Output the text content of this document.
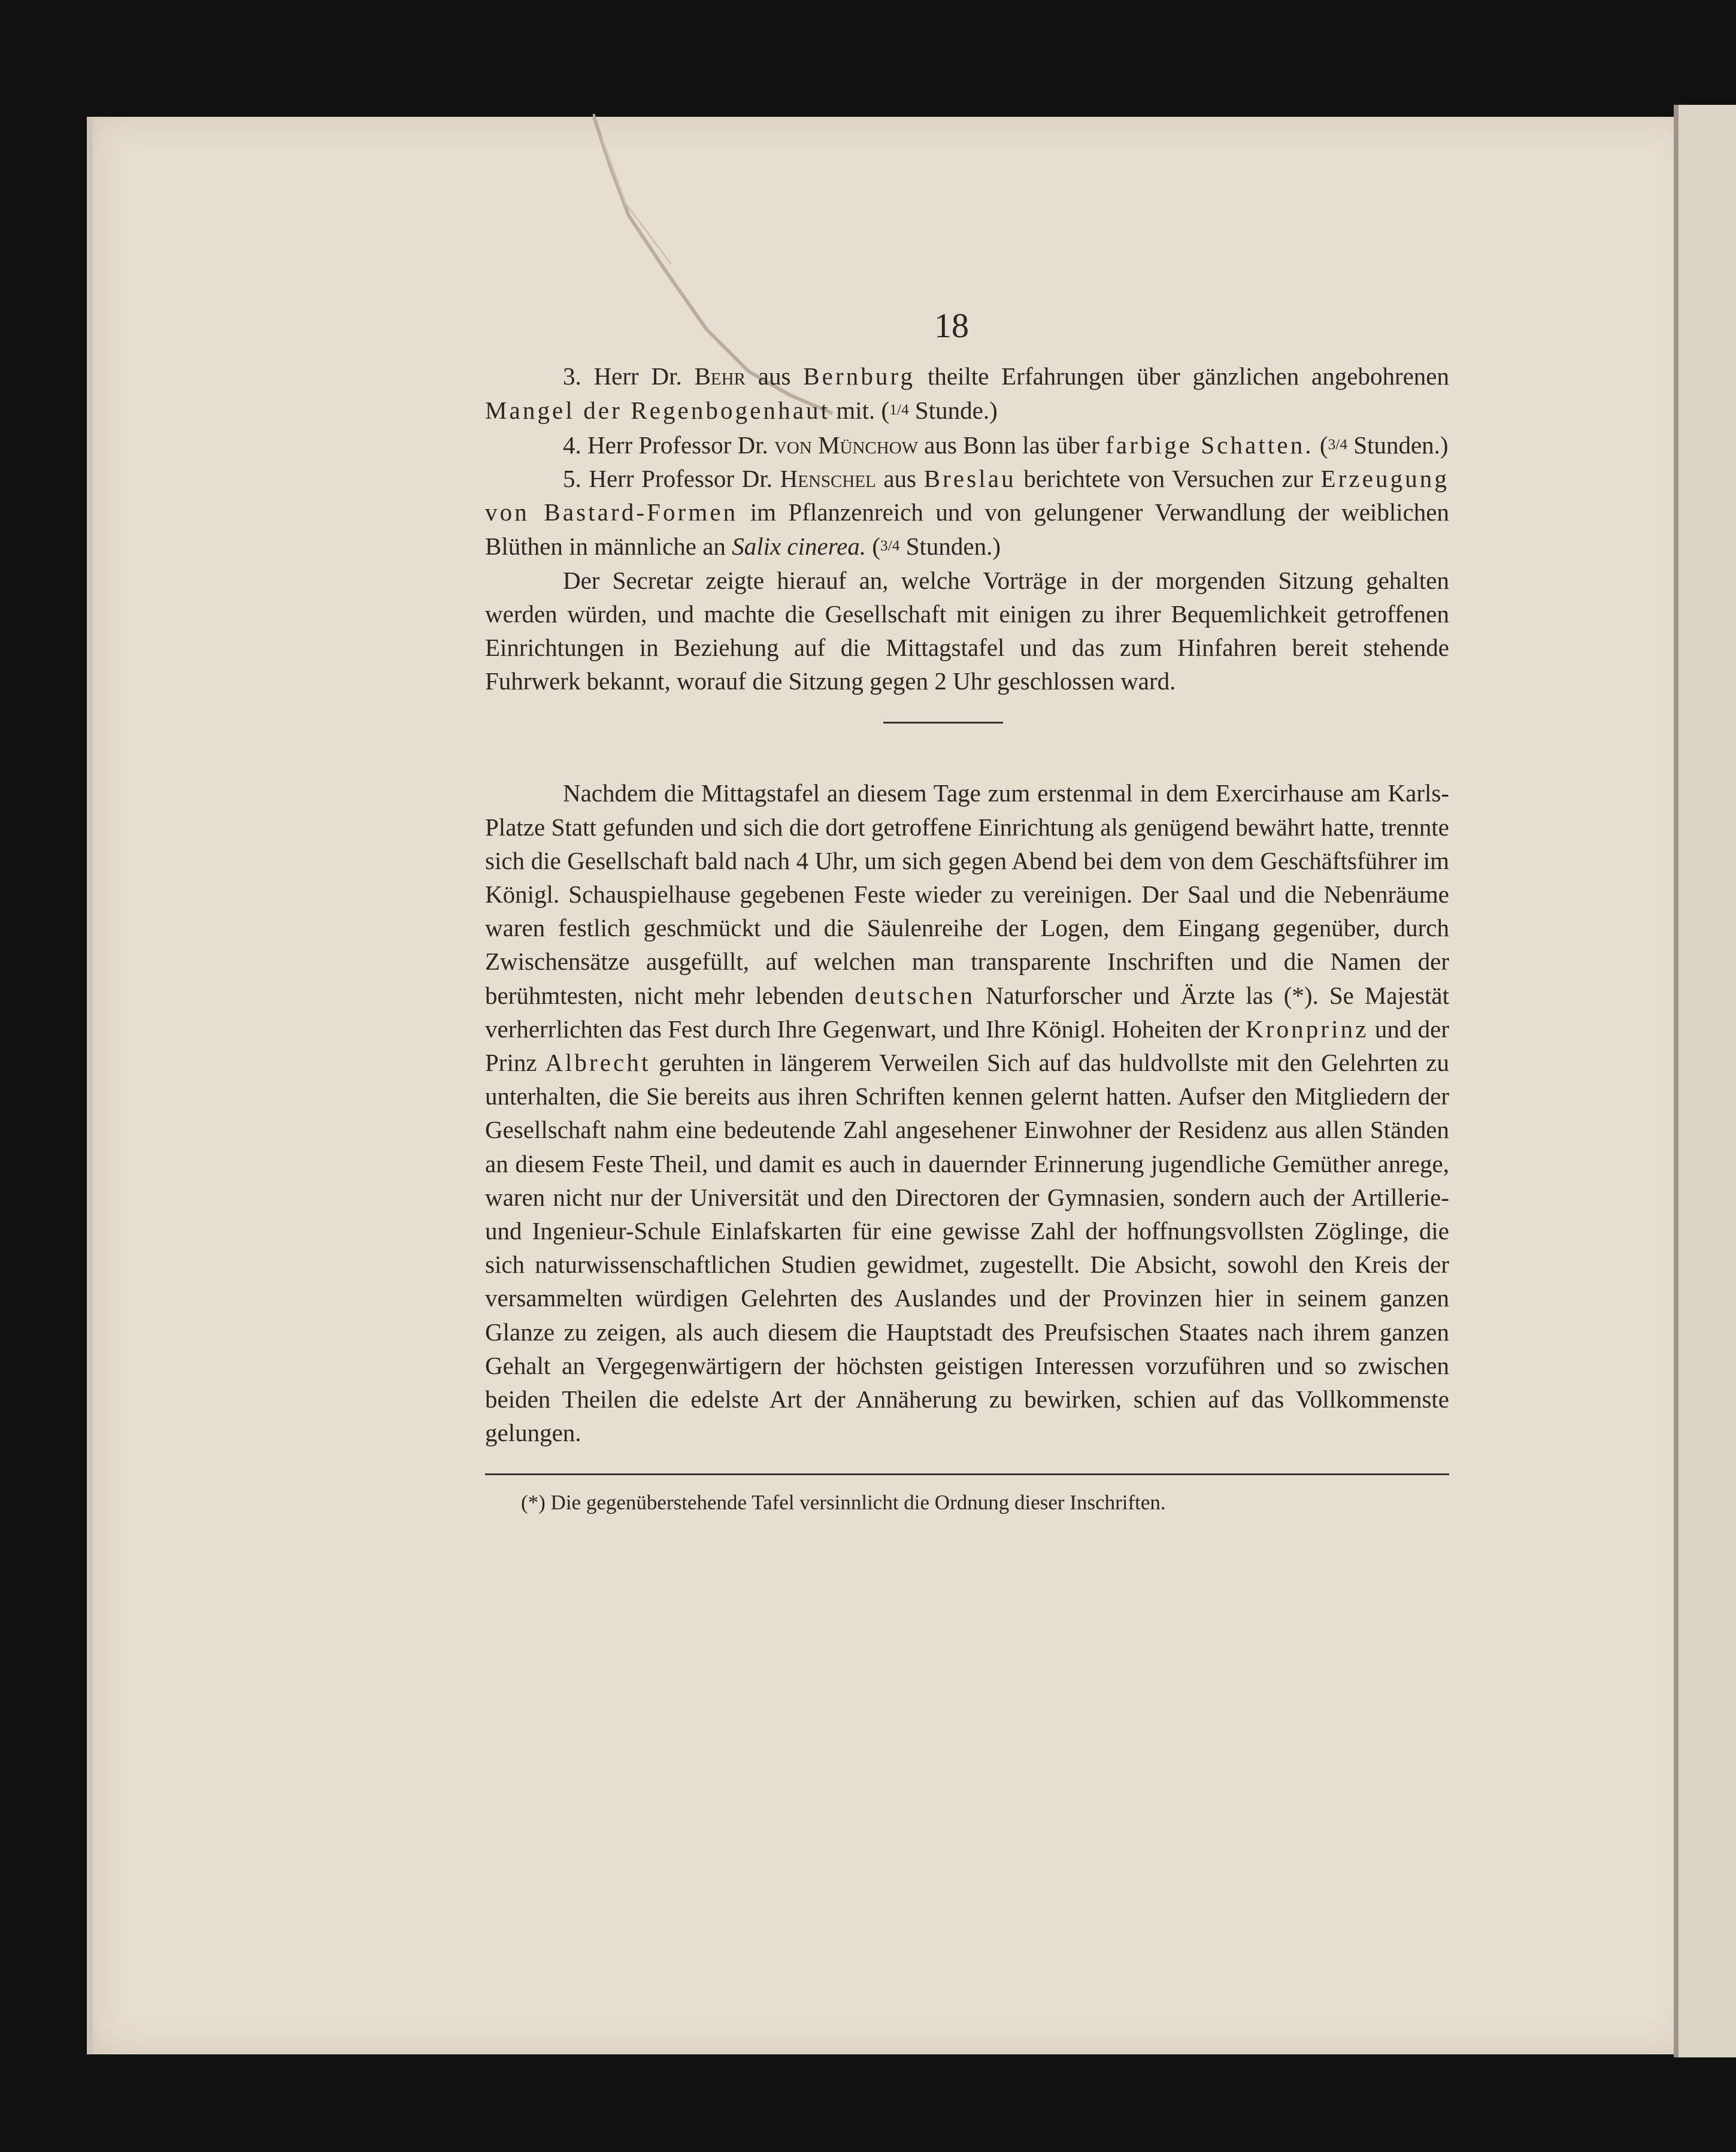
18

3. Herr Dr. Behr aus Bernburg theilte Erfahrungen über gänzlichen angebohrenen Mangel der Regenbogenhaut mit. (1/4 Stunde.)

4. Herr Professor Dr. von Münchow aus Bonn las über farbige Schatten. (3/4 Stunden.)

5. Herr Professor Dr. Henschel aus Breslau berichtete von Versuchen zur Erzeugung von Bastard-Formen im Pflanzenreich und von gelungener Verwandlung der weiblichen Blüthen in männliche an Salix cinerea. (3/4 Stunden.)

Der Secretar zeigte hierauf an, welche Vorträge in der morgenden Sitzung gehalten werden würden, und machte die Gesellschaft mit einigen zu ihrer Bequemlichkeit getroffenen Einrichtungen in Beziehung auf die Mittagstafel und das zum Hinfahren bereit stehende Fuhrwerk bekannt, worauf die Sitzung gegen 2 Uhr geschlossen ward.

Nachdem die Mittagstafel an diesem Tage zum erstenmal in dem Exercirhause am Karls-Platze Statt gefunden und sich die dort getroffene Einrichtung als genügend bewährt hatte, trennte sich die Gesellschaft bald nach 4 Uhr, um sich gegen Abend bei dem von dem Geschäftsführer im Königl. Schauspielhause gegebenen Feste wieder zu vereinigen. Der Saal und die Nebenräume waren festlich geschmückt und die Säulenreihe der Logen, dem Eingang gegenüber, durch Zwischensätze ausgefüllt, auf welchen man transparente Inschriften und die Namen der berühmtesten, nicht mehr lebenden deutschen Naturforscher und Ärzte las (*). Se Majestät verherrlichten das Fest durch Ihre Gegenwart, und Ihre Königl. Hoheiten der Kronprinz und der Prinz Albrecht geruhten in längerem Verweilen Sich auf das huldvollste mit den Gelehrten zu unterhalten, die Sie bereits aus ihren Schriften kennen gelernt hatten. Aufser den Mitgliedern der Gesellschaft nahm eine bedeutende Zahl angesehener Einwohner der Residenz aus allen Ständen an diesem Feste Theil, und damit es auch in dauernder Erinnerung jugendliche Gemüther anrege, waren nicht nur der Universität und den Directoren der Gymnasien, sondern auch der Artillerie- und Ingenieur-Schule Einlafskarten für eine gewisse Zahl der hoffnungsvollsten Zöglinge, die sich naturwissenschaftlichen Studien gewidmet, zugestellt. Die Absicht, sowohl den Kreis der versammelten würdigen Gelehrten des Auslandes und der Provinzen hier in seinem ganzen Glanze zu zeigen, als auch diesem die Hauptstadt des Preufsischen Staates nach ihrem ganzen Gehalt an Vergegenwärtigern der höchsten geistigen Interessen vorzuführen und so zwischen beiden Theilen die edelste Art der Annäherung zu bewirken, schien auf das Vollkommenste gelungen.

(*) Die gegenüberstehende Tafel versinnlicht die Ordnung dieser Inschriften.
